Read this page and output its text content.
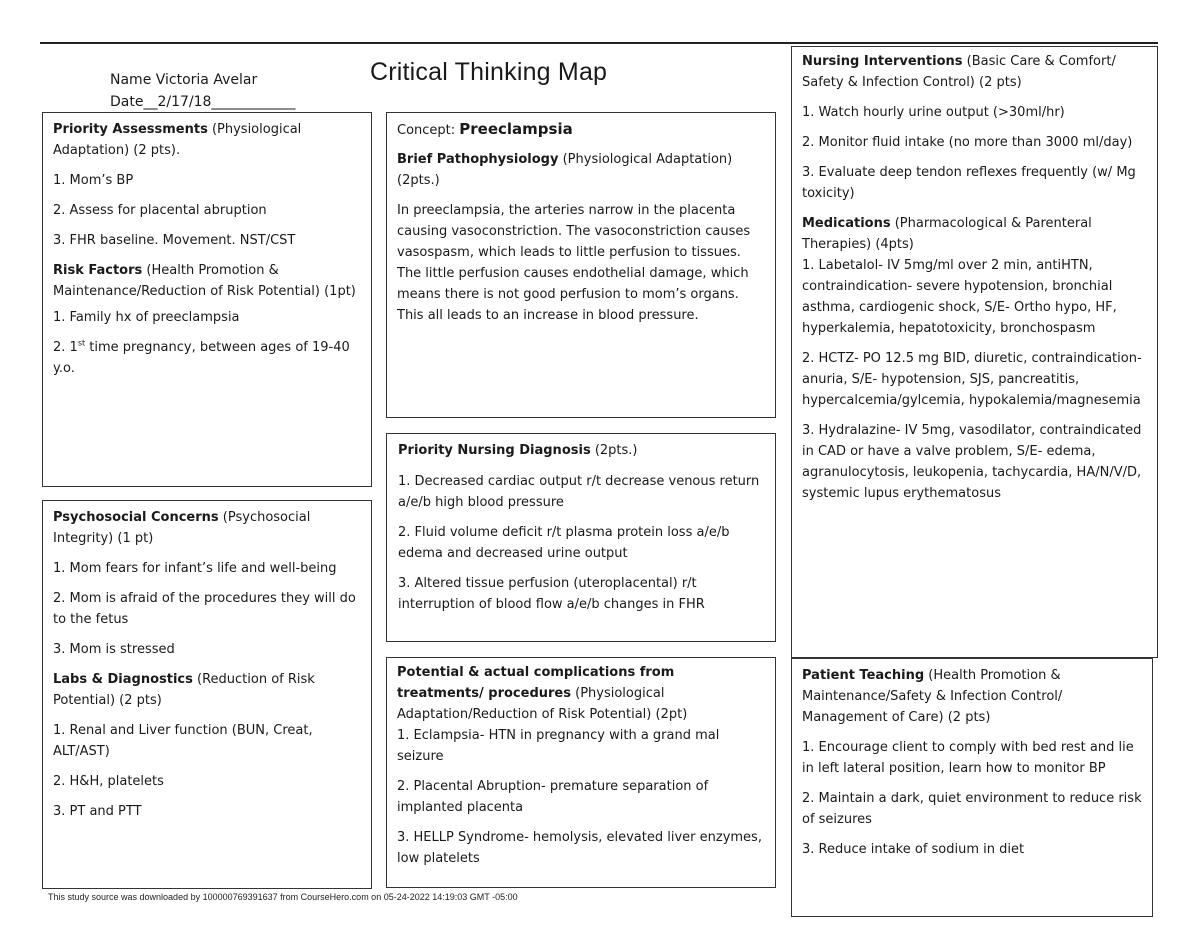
Name Victoria Avelar
Date__2/17/18____________
Critical Thinking Map

Priority Assessments (Physiological Adaptation) (2 pts).

1. Mom’s BP

2. Assess for placental abruption

3. FHR baseline. Movement. NST/CST

Risk Factors (Health Promotion & Maintenance/Reduction of Risk Potential) (1pt)

1. Family hx of preeclampsia

2. 1st time pregnancy, between ages of 19-40 y.o.

Psychosocial Concerns (Psychosocial Integrity) (1 pt)

1. Mom fears for infant’s life and well-being

2. Mom is afraid of the procedures they will do to the fetus

3. Mom is stressed

Labs & Diagnostics (Reduction of Risk Potential) (2 pts)

1. Renal and Liver function (BUN, Creat, ALT/AST)

2. H&H, platelets

3. PT and PTT

Concept: Preeclampsia

Brief Pathophysiology (Physiological Adaptation) (2pts.)

In preeclampsia, the arteries narrow in the placenta causing vasoconstriction. The vasoconstriction causes vasospasm, which leads to little perfusion to tissues. The little perfusion causes endothelial damage, which means there is not good perfusion to mom’s organs. This all leads to an increase in blood pressure.

Priority Nursing Diagnosis (2pts.)

1. Decreased cardiac output r/t decrease venous return a/e/b high blood pressure

2. Fluid volume deficit r/t plasma protein loss a/e/b edema and decreased urine output

3. Altered tissue perfusion (uteroplacental) r/t interruption of blood flow a/e/b changes in FHR

Potential & actual complications from treatments/ procedures (Physiological Adaptation/Reduction of Risk Potential) (2pt)

1. Eclampsia- HTN in pregnancy with a grand mal seizure

2. Placental Abruption- premature separation of implanted placenta

3. HELLP Syndrome- hemolysis, elevated liver enzymes, low platelets

Nursing Interventions (Basic Care & Comfort/ Safety & Infection Control) (2 pts)

1. Watch hourly urine output (>30ml/hr)

2. Monitor fluid intake (no more than 3000 ml/day)

3. Evaluate deep tendon reflexes frequently (w/ Mg toxicity)

Medications (Pharmacological & Parenteral Therapies) (4pts)

1. Labetalol- IV 5mg/ml over 2 min, antiHTN, contraindication- severe hypotension, bronchial asthma, cardiogenic shock, S/E- Ortho hypo, HF, hyperkalemia, hepatotoxicity, bronchospasm

2. HCTZ- PO 12.5 mg BID, diuretic, contraindication- anuria, S/E- hypotension, SJS, pancreatitis, hypercalcemia/gylcemia, hypokalemia/magnesemia

3. Hydralazine- IV 5mg, vasodilator, contraindicated in CAD or have a valve problem, S/E- edema, agranulocytosis, leukopenia, tachycardia, HA/N/V/D, systemic lupus erythematosus

Patient Teaching (Health Promotion & Maintenance/Safety & Infection Control/ Management of Care) (2 pts)

1. Encourage client to comply with bed rest and lie in left lateral position, learn how to monitor BP

2. Maintain a dark, quiet environment to reduce risk of seizures

3. Reduce intake of sodium in diet

This study source was downloaded by 100000769391637 from CourseHero.com on 05-24-2022 14:19:03 GMT -05:00
